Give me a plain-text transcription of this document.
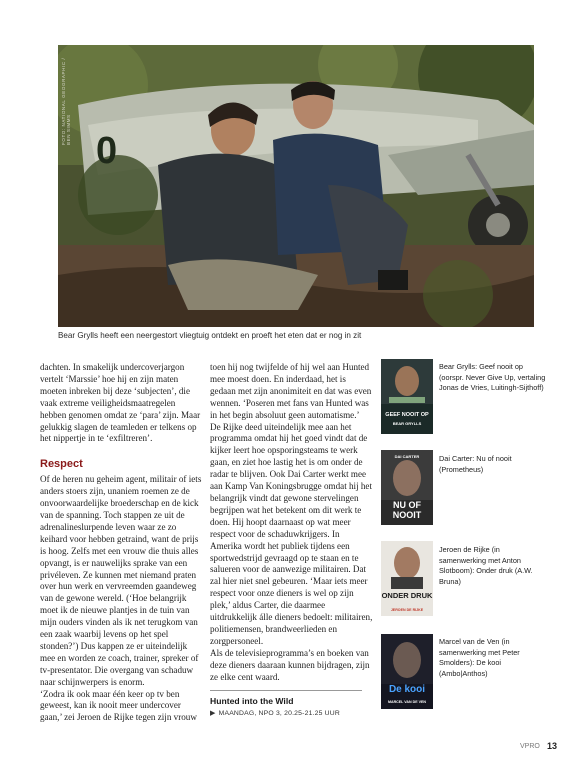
0
FOTO: NATIONAL GEOGRAPHIC / BEN SIMMS
Bear Grylls heeft een neergestort vliegtuig ontdekt en proeft het eten dat er nog in zit

dachten. In smakelijk undercoverjargon vertelt ‘Marssie’ hoe hij en zijn maten moeten inbreken bij deze ‘subjecten’, die vaak extreme veiligheidsmaatregelen hebben genomen omdat ze ‘para’ zijn. Maar gelukkig slagen de teamleden er telkens op het nippertje in te ‘exfiltreren’.

Respect

Of de heren nu geheim agent, militair of iets anders stoers zijn, unaniem roemen ze de onvoorwaardelijke broederschap en de kick van de spanning. Toch stappen ze uit de adrenalineslurpende leven waar ze zo keihard voor hebben getraind, want de prijs is hoog. Zelfs met een vrouw die thuis alles opvangt, is er nauwelijks sprake van een privéleven. Ze kunnen met niemand praten over hun werk en vervreemden gaandeweg van de gewone wereld. (‘Hoe belangrijk moet ik de nieuwe plantjes in de tuin van mijn ouders vinden als ik net terugkom van een zaak waarbij levens op het spel stonden?’) Dus kappen ze er uiteindelijk mee en worden ze coach, trainer, spreker of tv-presentator. Die overgang van schaduw naar schijnwerpers is enorm.

‘Zodra ik ook maar één keer op tv ben geweest, kan ik nooit meer undercover gaan,’ zei Jeroen de Rijke tegen zijn vrouw

toen hij nog twijfelde of hij wel aan Hunted mee moest doen. En inderdaad, het is gedaan met zijn anonimiteit en dat was even wennen. ‘Poseren met fans van Hunted was in het begin absoluut geen automatisme.’

De Rijke deed uiteindelijk mee aan het programma omdat hij het goed vindt dat de kijker leert hoe opsporingsteams te werk gaan, en ziet hoe lastig het is om onder de radar te blijven. Ook Dai Carter werkt mee aan Kamp Van Koningsbrugge omdat hij het belangrijk vindt dat gewone stervelingen begrijpen wat het betekent om dit werk te doen. Hij hoopt daarnaast op wat meer respect voor de schaduwkrijgers. In Amerika wordt het publiek tijdens een sportwedstrijd gevraagd op te staan en te salueren voor de aanwezige militairen. Dat zal hier niet snel gebeuren. ‘Maar iets meer respect voor onze dieners is wel op zijn plek,’ aldus Carter, die daarmee uitdrukkelijk álle dieners bedoelt: militairen, politiemensen, brandweerlieden en zorgpersoneel.

Als de televisieprogramma’s en boeken van deze dieners daaraan kunnen bijdragen, zijn ze elke cent waard.

Hunted into the Wild
▶ MAANDAG, NPO 3, 20.25-21.25 UUR
GEEF NOOIT OP
BEAR GRYLLS
Bear Grylls: Geef nooit op (oorspr. Never Give Up, vertaling Jonas de Vries, Luitingh-Sijthoff)
DAI CARTER
NU OF NOOIT
Dai Carter: Nu of nooit (Prometheus)
ONDER DRUK
JEROEN DE RIJKE
Jeroen de Rijke (in samenwerking met Anton Slotboom): Onder druk (A.W. Bruna)
De kooi
MARCEL VAN DE VEN
Marcel van de Ven (in samenwerking met Peter Smolders): De kooi (Ambo|Anthos)
VPRO 13
